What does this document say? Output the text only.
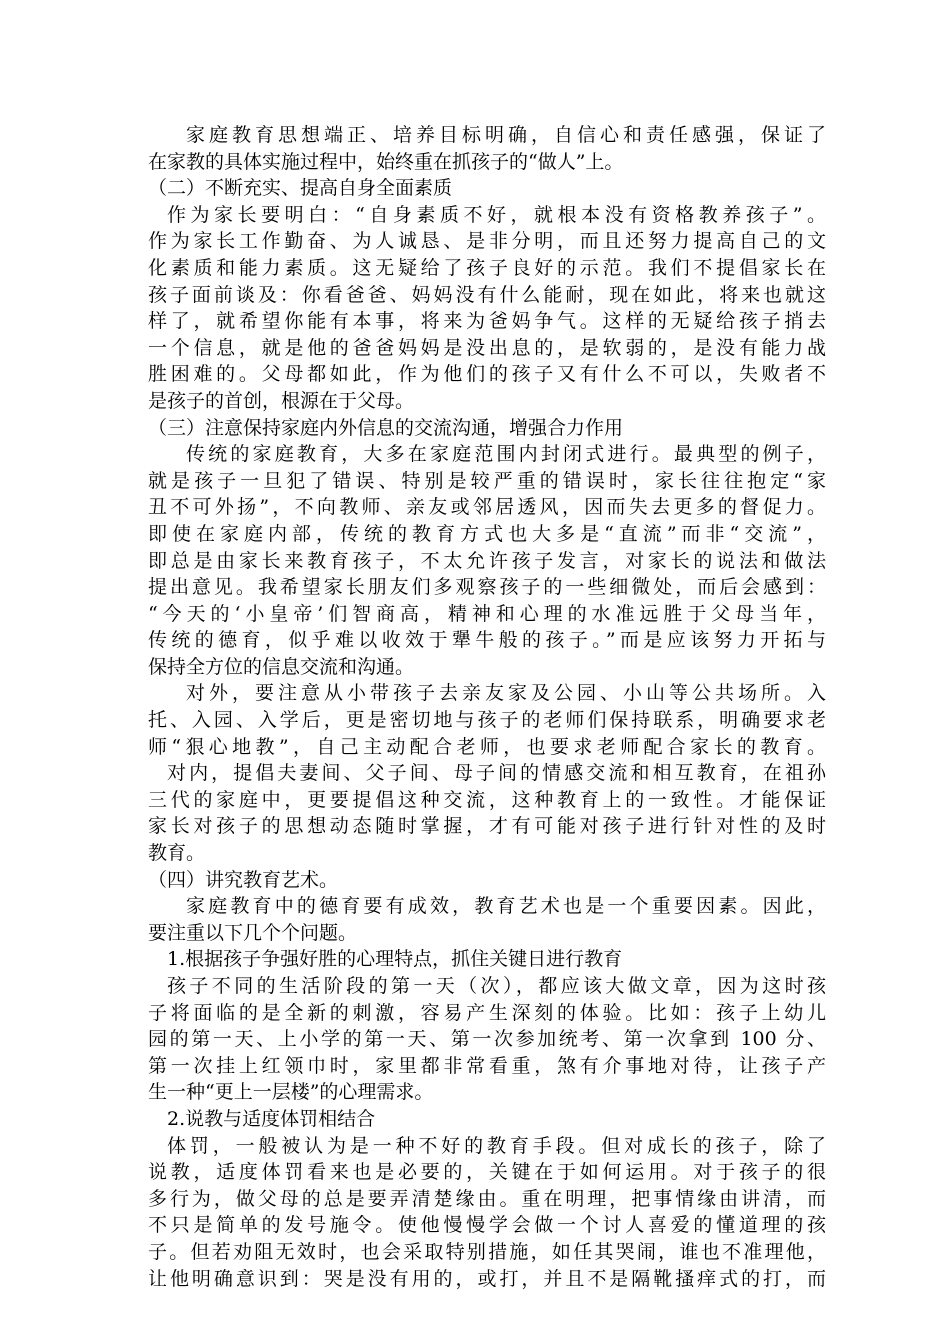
家庭教育思想端正、培养目标明确，自信心和责任感强，保证了
在家教的具体实施过程中，始终重在抓孩子的“做人”上。
（二）不断充实、提高自身全面素质
作为家长要明白：“自身素质不好，就根本没有资格教养孩子”。
作为家长工作勤奋、为人诚恳、是非分明，而且还努力提高自己的文
化素质和能力素质。这无疑给了孩子良好的示范。我们不提倡家长在
孩子面前谈及：你看爸爸、妈妈没有什么能耐，现在如此，将来也就这
样了，就希望你能有本事，将来为爸妈争气。这样的无疑给孩子捎去
一个信息，就是他的爸爸妈妈是没出息的，是软弱的，是没有能力战
胜困难的。父母都如此，作为他们的孩子又有什么不可以，失败者不
是孩子的首创，根源在于父母。
（三）注意保持家庭内外信息的交流沟通，增强合力作用
传统的家庭教育，大多在家庭范围内封闭式进行。最典型的例子，
就是孩子一旦犯了错误、特别是较严重的错误时，家长往往抱定“家
丑不可外扬”，不向教师、亲友或邻居透风，因而失去更多的督促力。
即使在家庭内部，传统的教育方式也大多是“直流”而非“交流”，
即总是由家长来教育孩子，不太允许孩子发言，对家长的说法和做法
提出意见。我希望家长朋友们多观察孩子的一些细微处，而后会感到：
“今天的‘小皇帝’们智商高，精神和心理的水准远胜于父母当年，
传统的德育，似乎难以收效于犟牛般的孩子。”而是应该努力开拓与
保持全方位的信息交流和沟通。
对外，要注意从小带孩子去亲友家及公园、小山等公共场所。入
托、入园、入学后，更是密切地与孩子的老师们保持联系，明确要求老
师“狠心地教”，自己主动配合老师，也要求老师配合家长的教育。
对内，提倡夫妻间、父子间、母子间的情感交流和相互教育，在祖孙
三代的家庭中，更要提倡这种交流，这种教育上的一致性。才能保证
家长对孩子的思想动态随时掌握，才有可能对孩子进行针对性的及时
教育。
（四）讲究教育艺术。
家庭教育中的德育要有成效，教育艺术也是一个重要因素。因此，
要注重以下几个个问题。
1.根据孩子争强好胜的心理特点，抓住关键日进行教育
孩子不同的生活阶段的第一天（次），都应该大做文章，因为这时孩
子将面临的是全新的刺激，容易产生深刻的体验。比如：孩子上幼儿
园的第一天、上小学的第一天、第一次参加统考、第一次拿到 100 分、
第一次挂上红领巾时，家里都非常看重，煞有介事地对待，让孩子产
生一种“更上一层楼”的心理需求。
2.说教与适度体罚相结合
体罚，一般被认为是一种不好的教育手段。但对成长的孩子，除了
说教，适度体罚看来也是必要的，关键在于如何运用。对于孩子的很
多行为，做父母的总是要弄清楚缘由。重在明理，把事情缘由讲清，而
不只是简单的发号施令。使他慢慢学会做一个讨人喜爱的懂道理的孩
子。但若劝阻无效时，也会采取特别措施，如任其哭闹，谁也不准理他，
让他明确意识到：哭是没有用的，或打，并且不是隔靴搔痒式的打，而
